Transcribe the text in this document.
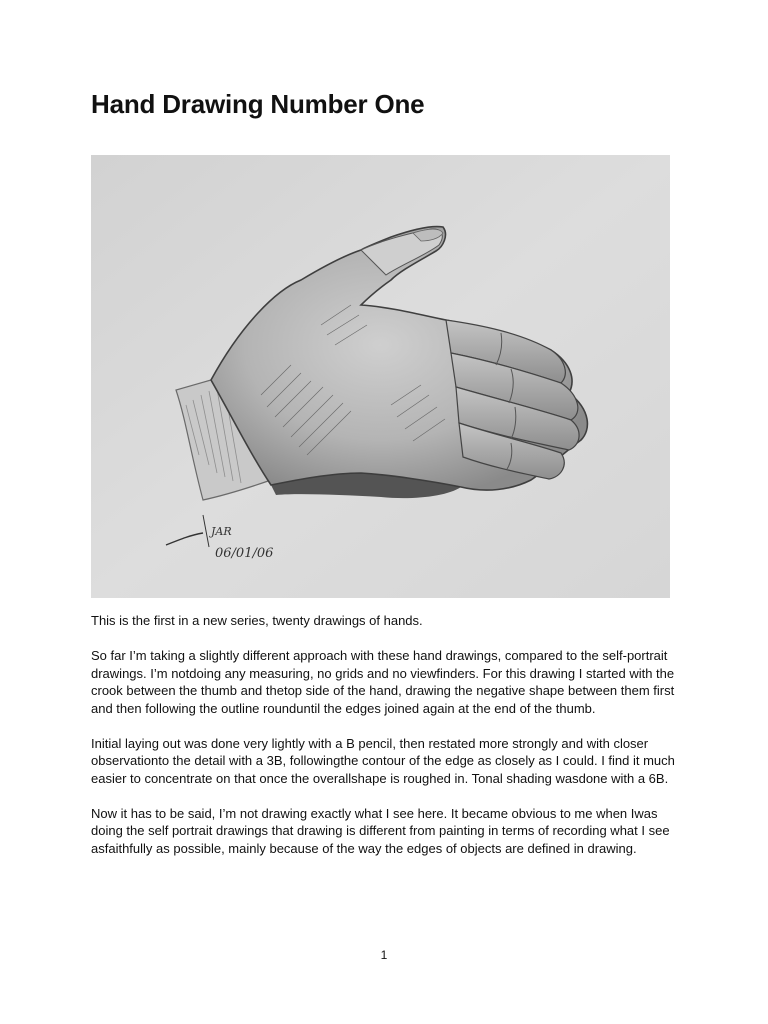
Hand Drawing Number One
JAR
06/01/06

This is the first in a new series, twenty drawings of hands.

So far I’m taking a slightly different approach with these hand drawings, compared to the self-portrait drawings. I’m notdoing any measuring, no grids and no viewfinders. For this drawing I started with the crook between the thumb and thetop side of the hand, drawing the negative shape between them first and then following the outline rounduntil the edges joined again at the end of the thumb.

Initial laying out was done very lightly with a B pencil, then restated more strongly and with closer observationto the detail with a 3B, followingthe contour of the edge as closely as I could. I find it much easier to concentrate on that once the overallshape is roughed in. Tonal shading wasdone with a 6B.

Now it has to be said, I’m not drawing exactly what I see here. It became obvious to me when Iwas doing the self portrait drawings that drawing is different from painting in terms of recording what I see asfaithfully as possible, mainly because of the way the edges of objects are defined in drawing.

1
